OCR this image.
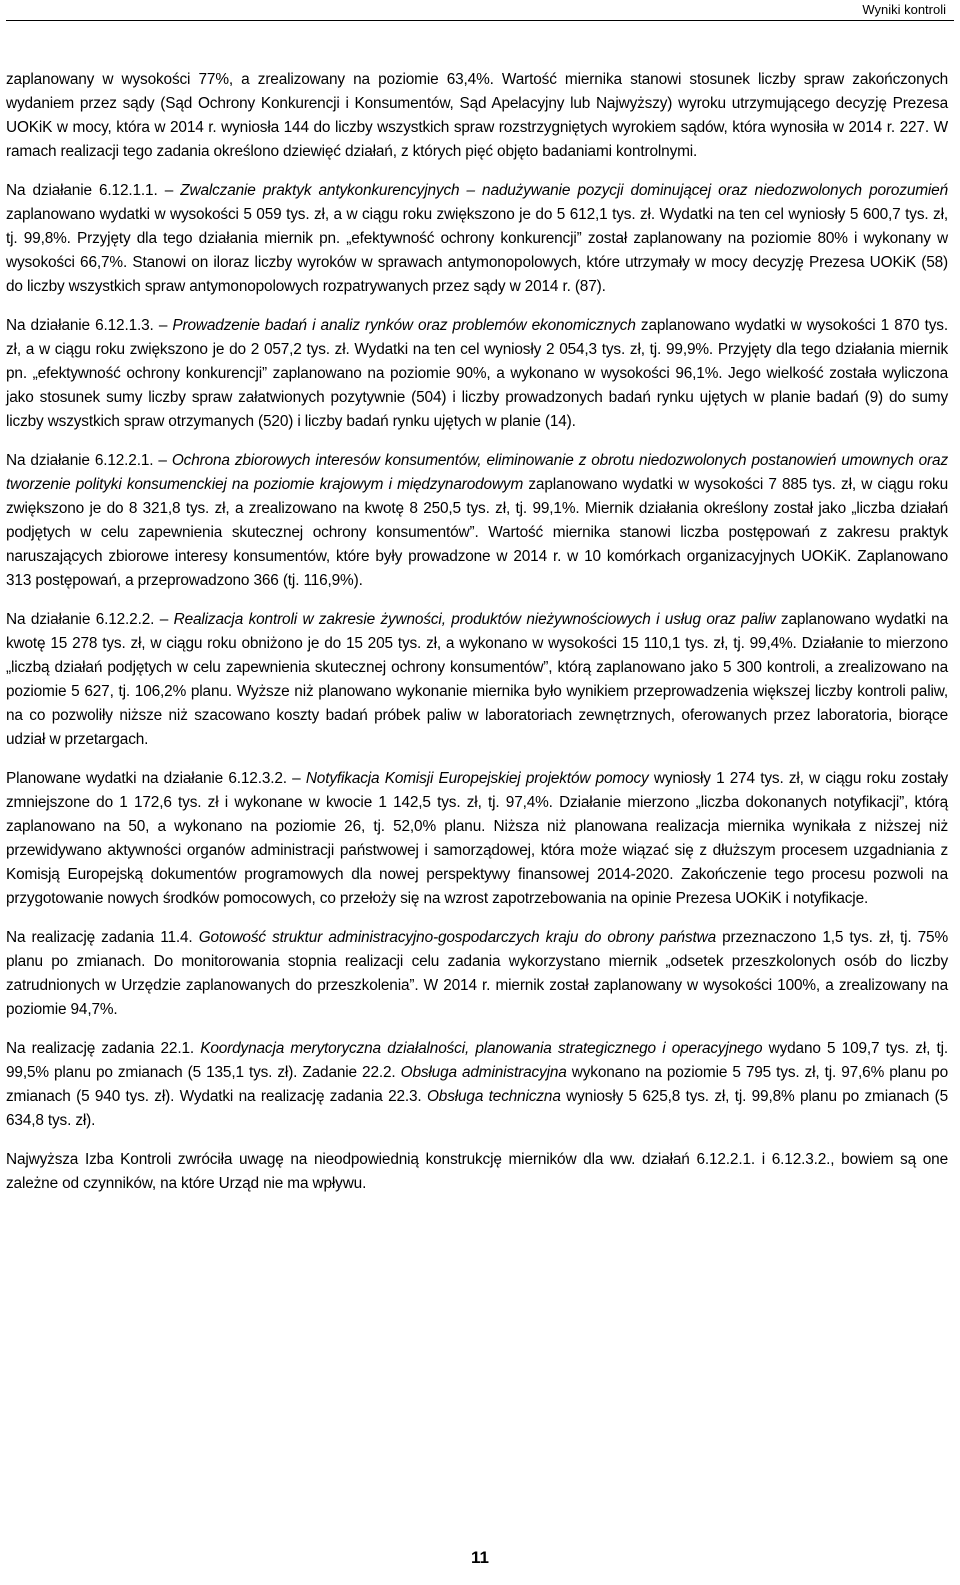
Wyniki kontroli

zaplanowany w wysokości 77%, a zrealizowany na poziomie 63,4%. Wartość miernika stanowi stosunek liczby spraw zakończonych wydaniem przez sądy (Sąd Ochrony Konkurencji i Konsumentów, Sąd Apelacyjny lub Najwyższy) wyroku utrzymującego decyzję Prezesa UOKiK w mocy, która w 2014 r. wyniosła 144 do liczby wszystkich spraw rozstrzygniętych wyrokiem sądów, która wynosiła w 2014 r. 227. W ramach realizacji tego zadania określono dziewięć działań, z których pięć objęto badaniami kontrolnymi.

Na działanie 6.12.1.1. – Zwalczanie praktyk antykonkurencyjnych – nadużywanie pozycji dominującej oraz niedozwolonych porozumień zaplanowano wydatki w wysokości 5 059 tys. zł, a w ciągu roku zwiększono je do 5 612,1 tys. zł. Wydatki na ten cel wyniosły 5 600,7 tys. zł, tj. 99,8%. Przyjęty dla tego działania miernik pn. „efektywność ochrony konkurencji” został zaplanowany na poziomie 80% i wykonany w wysokości 66,7%. Stanowi on iloraz liczby wyroków w sprawach antymonopolowych, które utrzymały w mocy decyzję Prezesa UOKiK (58) do liczby wszystkich spraw antymonopolowych rozpatrywanych przez sądy w 2014 r. (87).

Na działanie 6.12.1.3. – Prowadzenie badań i analiz rynków oraz problemów ekonomicznych zaplanowano wydatki w wysokości 1 870 tys. zł, a w ciągu roku zwiększono je do 2 057,2 tys. zł. Wydatki na ten cel wyniosły 2 054,3 tys. zł, tj. 99,9%. Przyjęty dla tego działania miernik pn. „efektywność ochrony konkurencji” zaplanowano na poziomie 90%, a wykonano w wysokości 96,1%. Jego wielkość została wyliczona jako stosunek sumy liczby spraw załatwionych pozytywnie (504) i liczby prowadzonych badań rynku ujętych w planie badań (9) do sumy liczby wszystkich spraw otrzymanych (520) i liczby badań rynku ujętych w planie (14).

Na działanie 6.12.2.1. – Ochrona zbiorowych interesów konsumentów, eliminowanie z obrotu niedozwolonych postanowień umownych oraz tworzenie polityki konsumenckiej na poziomie krajowym i międzynarodowym zaplanowano wydatki w wysokości 7 885 tys. zł, w ciągu roku zwiększono je do 8 321,8 tys. zł, a zrealizowano na kwotę 8 250,5 tys. zł, tj. 99,1%. Miernik działania określony został jako „liczba działań podjętych w celu zapewnienia skutecznej ochrony konsumentów”. Wartość miernika stanowi liczba postępowań z zakresu praktyk naruszających zbiorowe interesy konsumentów, które były prowadzone w 2014 r. w 10 komórkach organizacyjnych UOKiK. Zaplanowano 313 postępowań, a przeprowadzono 366 (tj. 116,9%).

Na działanie 6.12.2.2. – Realizacja kontroli w zakresie żywności, produktów nieżywnościowych i usług oraz paliw zaplanowano wydatki na kwotę 15 278 tys. zł, w ciągu roku obniżono je do 15 205 tys. zł, a wykonano w wysokości 15 110,1 tys. zł, tj. 99,4%. Działanie to mierzono „liczbą działań podjętych w celu zapewnienia skutecznej ochrony konsumentów”, którą zaplanowano jako 5 300 kontroli, a zrealizowano na poziomie 5 627, tj. 106,2% planu. Wyższe niż planowano wykonanie miernika było wynikiem przeprowadzenia większej liczby kontroli paliw, na co pozwoliły niższe niż szacowano koszty badań próbek paliw w laboratoriach zewnętrznych, oferowanych przez laboratoria, biorące udział w przetargach.

Planowane wydatki na działanie 6.12.3.2. – Notyfikacja Komisji Europejskiej projektów pomocy wyniosły 1 274 tys. zł, w ciągu roku zostały zmniejszone do 1 172,6 tys. zł i wykonane w kwocie 1 142,5 tys. zł, tj. 97,4%. Działanie mierzono „liczba dokonanych notyfikacji”, którą zaplanowano na 50, a wykonano na poziomie 26, tj. 52,0% planu. Niższa niż planowana realizacja miernika wynikała z niższej niż przewidywano aktywności organów administracji państwowej i samorządowej, która może wiązać się z dłuższym procesem uzgadniania z Komisją Europejską dokumentów programowych dla nowej perspektywy finansowej 2014-2020. Zakończenie tego procesu pozwoli na przygotowanie nowych środków pomocowych, co przełoży się na wzrost zapotrzebowania na opinie Prezesa UOKiK i notyfikacje.

Na realizację zadania 11.4. Gotowość struktur administracyjno-gospodarczych kraju do obrony państwa przeznaczono 1,5 tys. zł, tj. 75% planu po zmianach. Do monitorowania stopnia realizacji celu zadania wykorzystano miernik „odsetek przeszkolonych osób do liczby zatrudnionych w Urzędzie zaplanowanych do przeszkolenia”. W 2014 r. miernik został zaplanowany w wysokości 100%, a zrealizowany na poziomie 94,7%.

Na realizację zadania 22.1. Koordynacja merytoryczna działalności, planowania strategicznego i operacyjnego wydano 5 109,7 tys. zł, tj. 99,5% planu po zmianach (5 135,1 tys. zł). Zadanie 22.2. Obsługa administracyjna wykonano na poziomie 5 795 tys. zł, tj. 97,6% planu po zmianach (5 940 tys. zł). Wydatki na realizację zadania 22.3. Obsługa techniczna wyniosły 5 625,8 tys. zł, tj. 99,8% planu po zmianach (5 634,8 tys. zł).

Najwyższa Izba Kontroli zwróciła uwagę na nieodpowiednią konstrukcję mierników dla ww. działań 6.12.2.1. i 6.12.3.2., bowiem są one zależne od czynników, na które Urząd nie ma wpływu.

11
